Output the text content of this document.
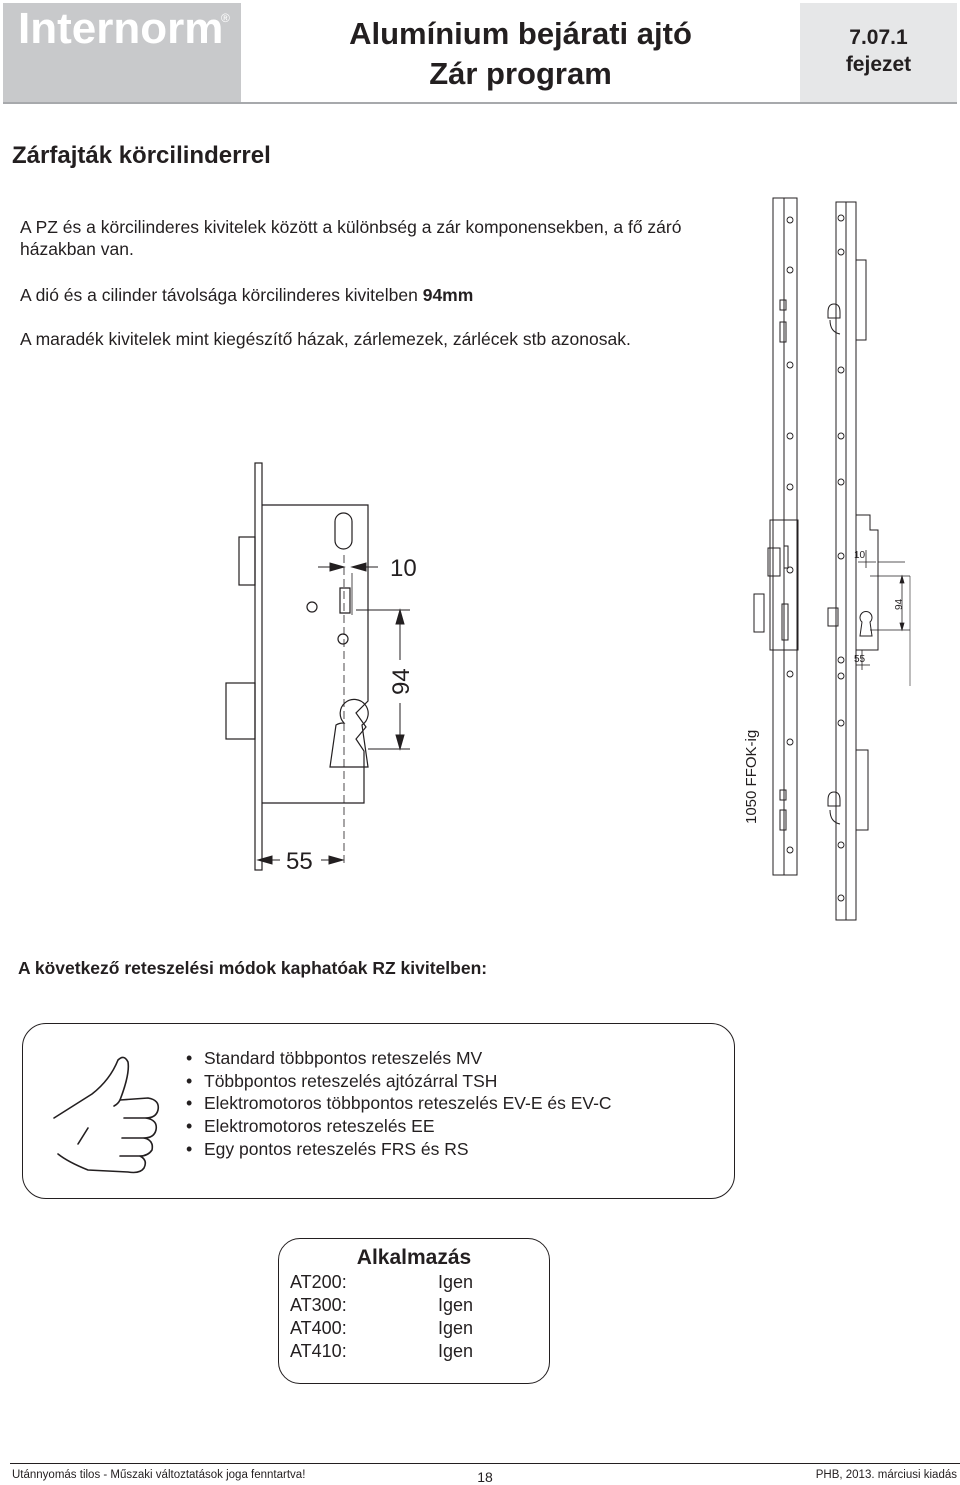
Internorm
®	Alumínium bejárati ajtó
Zár program
7.07.1
fejezet
Zárfajták körcilinderrel
A PZ és a körcilinderes kivitelek között a különbség a zár komponensekben, a fő záró házakban van.
A dió és a cilinder távolsága körcilinderes kivitelben 94mm
A maradék kivitelek mint kiegészítő házak, zárlemezek, zárlécek stb azonosak.
10
94
55
10
94
55
1050 FFOK-ig
A következő reteszelési módok kaphatóak RZ kivitelben:
• Standard többpontos reteszelés MV
• Többpontos reteszelés ajtózárral TSH
• Elektromotoros többpontos reteszelés EV-E és EV-C
• Elektromotoros reteszelés EE
• Egy pontos reteszelés FRS és RS
Alkalmazás
AT200:	Igen
AT300:	Igen
AT400:	Igen
AT410:	Igen
Utánnyomás tilos - Műszaki változtatások joga fenntartva!	18	PHB, 2013. márciusi kiadás
